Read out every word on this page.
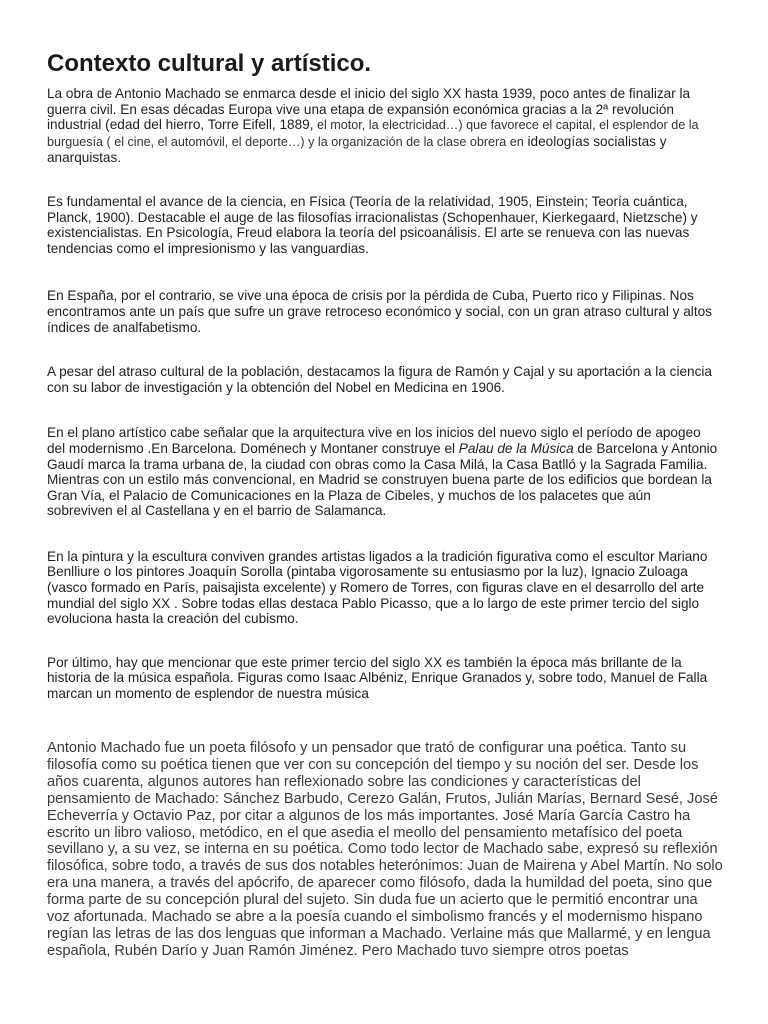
Contexto cultural y artístico.

La obra de Antonio Machado se enmarca desde el inicio del siglo XX hasta 1939, poco antes de finalizar la guerra civil. En esas décadas Europa vive una etapa de expansión económica gracias a la 2ª revolución industrial (edad del hierro, Torre Eifell, 1889, el motor, la electricidad…) que favorece el capital, el esplendor de la burguesía ( el cine, el automóvil, el deporte…) y la organización de la clase obrera en ideologías socialistas y anarquistas.

Es fundamental el avance de la ciencia, en Física (Teoría de la relatividad, 1905, Einstein; Teoría cuántica, Planck, 1900). Destacable el auge de las filosofías irracionalistas (Schopenhauer, Kierkegaard, Nietzsche) y existencialistas. En Psicología, Freud elabora la teoría del psicoanálisis. El arte se renueva con las nuevas tendencias como el impresionismo y las vanguardias.

En España, por el contrario, se vive una época de crisis por la pérdida de Cuba, Puerto rico y Filipinas. Nos encontramos ante un país que sufre un grave retroceso económico y social, con un gran atraso cultural y altos índices de analfabetismo.

A pesar del atraso cultural de la población, destacamos la figura de Ramón y Cajal y su aportación a la ciencia con su labor de investigación y la obtención del Nobel en Medicina en 1906.

En el plano artístico cabe señalar que la arquitectura vive en los inicios del nuevo siglo el período de apogeo del modernismo .En Barcelona. Doménech y Montaner construye el Palau de la Música de Barcelona y Antonio Gaudí marca la trama urbana de, la ciudad con obras como la Casa Milá, la Casa Batlló y la Sagrada Familia. Mientras con un estilo más convencional, en Madrid se construyen buena parte de los edificios que bordean la Gran Vía, el Palacio de Comunicaciones en la Plaza de Cibeles, y muchos de los palacetes que aún sobreviven el al Castellana y en el barrio de Salamanca.

En la pintura y la escultura conviven grandes artistas ligados a la tradición figurativa como el escultor Mariano Benlliure o los pintores Joaquín Sorolla (pintaba vigorosamente su entusiasmo por la luz), Ignacio Zuloaga (vasco formado en París, paisajista excelente) y Romero de Torres, con figuras clave en el desarrollo del arte mundial del siglo XX . Sobre todas ellas destaca Pablo Picasso, que a lo largo de este primer tercio del siglo evoluciona hasta la creación del cubismo.

Por último, hay que mencionar que este primer tercio del siglo XX es también la época más brillante de la historia de la música española. Figuras como Isaac Albéniz, Enrique Granados y, sobre todo, Manuel de Falla marcan un momento de esplendor de nuestra música

Antonio Machado fue un poeta filósofo y un pensador que trató de configurar una poética. Tanto su filosofía como su poética tienen que ver con su concepción del tiempo y su noción del ser. Desde los años cuarenta, algunos autores han reflexionado sobre las condiciones y características del pensamiento de Machado: Sánchez Barbudo, Cerezo Galán, Frutos, Julián Marías, Bernard Sesé, José Echeverría y Octavio Paz, por citar a algunos de los más importantes. José María García Castro ha escrito un libro valioso, metódico, en el que asedia el meollo del pensamiento metafísico del poeta sevillano y, a su vez, se interna en su poética. Como todo lector de Machado sabe, expresó su reflexión filosófica, sobre todo, a través de sus dos notables heterónimos: Juan de Mairena y Abel Martín. No solo era una manera, a través del apócrifo, de aparecer como filósofo, dada la humildad del poeta, sino que forma parte de su concepción plural del sujeto. Sin duda fue un acierto que le permitió encontrar una voz afortunada. Machado se abre a la poesía cuando el simbolismo francés y el modernismo hispano regían las letras de las dos lenguas que informan a Machado. Verlaine más que Mallarmé, y en lengua española, Rubén Darío y Juan Ramón Jiménez. Pero Machado tuvo siempre otros poetas
